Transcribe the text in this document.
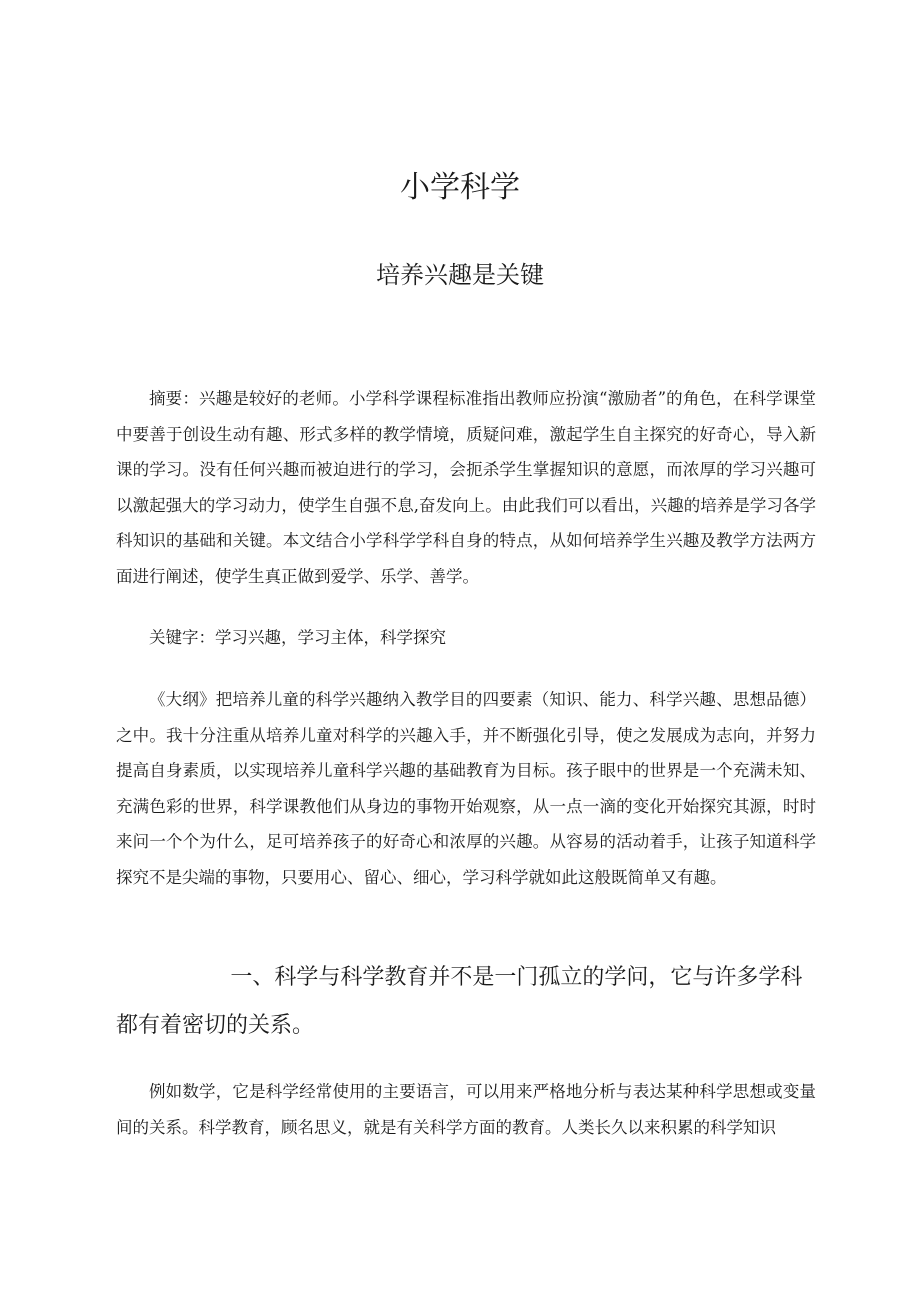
小学科学
培养兴趣是关键

摘要：兴趣是较好的老师。小学科学课程标准指出教师应扮演“激励者”的角色，在科学课堂中要善于创设生动有趣、形式多样的教学情境，质疑问难，激起学生自主探究的好奇心，导入新课的学习。没有任何兴趣而被迫进行的学习，会扼杀学生掌握知识的意愿，而浓厚的学习兴趣可以激起强大的学习动力，使学生自强不息,奋发向上。由此我们可以看出，兴趣的培养是学习各学科知识的基础和关键。本文结合小学科学学科自身的特点，从如何培养学生兴趣及教学方法两方面进行阐述，使学生真正做到爱学、乐学、善学。

关键字：学习兴趣，学习主体，科学探究

《大纲》把培养儿童的科学兴趣纳入教学目的四要素（知识、能力、科学兴趣、思想品德）之中。我十分注重从培养儿童对科学的兴趣入手，并不断强化引导，使之发展成为志向，并努力提高自身素质，以实现培养儿童科学兴趣的基础教育为目标。孩子眼中的世界是一个充满未知、充满色彩的世界，科学课教他们从身边的事物开始观察，从一点一滴的变化开始探究其源，时时来问一个个为什么，足可培养孩子的好奇心和浓厚的兴趣。从容易的活动着手，让孩子知道科学探究不是尖端的事物，只要用心、留心、细心，学习科学就如此这般既简单又有趣。

一、科学与科学教育并不是一门孤立的学问，它与许多学科都有着密切的关系。

例如数学，它是科学经常使用的主要语言，可以用来严格地分析与表达某种科学思想或变量间的关系。科学教育，顾名思义，就是有关科学方面的教育。人类长久以来积累的科学知识
